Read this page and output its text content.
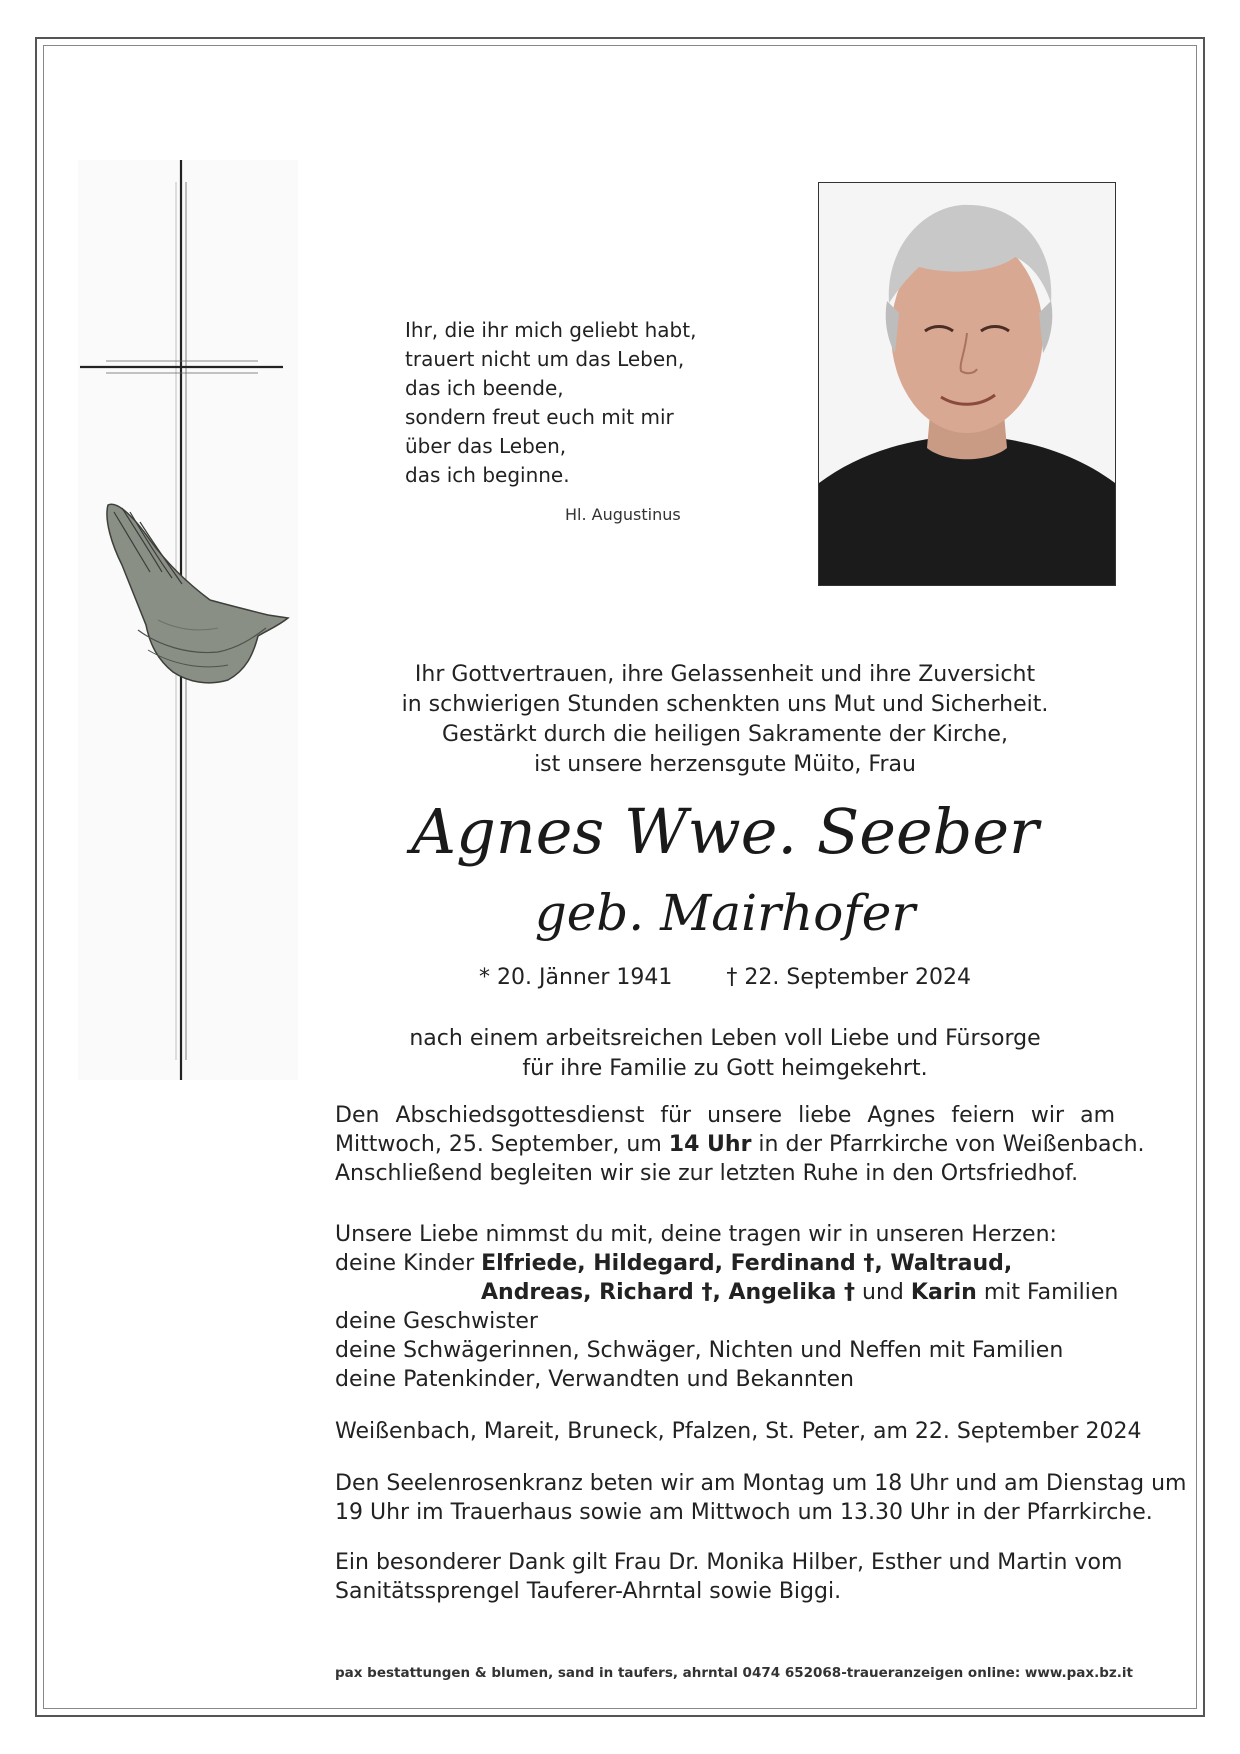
Ihr, die ihr mich geliebt habt,
trauert nicht um das Leben,
das ich beende,
sondern freut euch mit mir
über das Leben,
das ich beginne.
Hl. Augustinus
Ihr Gottvertrauen, ihre Gelassenheit und ihre Zuversicht
in schwierigen Stunden schenkten uns Mut und Sicherheit.
Gestärkt durch die heiligen Sakramente der Kirche,
ist unsere herzensgute Müito, Frau
Agnes Wwe. Seeber
geb. Mairhofer
* 20. Jänner 1941 † 22. September 2024
nach einem arbeitsreichen Leben voll Liebe und Fürsorge
für ihre Familie zu Gott heimgekehrt.
Den Abschiedsgottesdienst für unsere liebe Agnes feiern wir am
Mittwoch, 25. September, um 14 Uhr in der Pfarrkirche von Weißenbach.
Anschließend begleiten wir sie zur letzten Ruhe in den Ortsfriedhof.
Unsere Liebe nimmst du mit, deine tragen wir in unseren Herzen:
deine Kinder Elfriede, Hildegard, Ferdinand †, Waltraud,
Andreas, Richard †, Angelika † und Karin mit Familien
deine Geschwister
deine Schwägerinnen, Schwäger, Nichten und Neffen mit Familien
deine Patenkinder, Verwandten und Bekannten
Weißenbach, Mareit, Bruneck, Pfalzen, St. Peter, am 22. September 2024
Den Seelenrosenkranz beten wir am Montag um 18 Uhr und am Dienstag um
19 Uhr im Trauerhaus sowie am Mittwoch um 13.30 Uhr in der Pfarrkirche.
Ein besonderer Dank gilt Frau Dr. Monika Hilber, Esther und Martin vom
Sanitätssprengel Tauferer-Ahrntal sowie Biggi.
pax bestattungen & blumen, sand in taufers, ahrntal 0474 652068-traueranzeigen online: www.pax.bz.it
